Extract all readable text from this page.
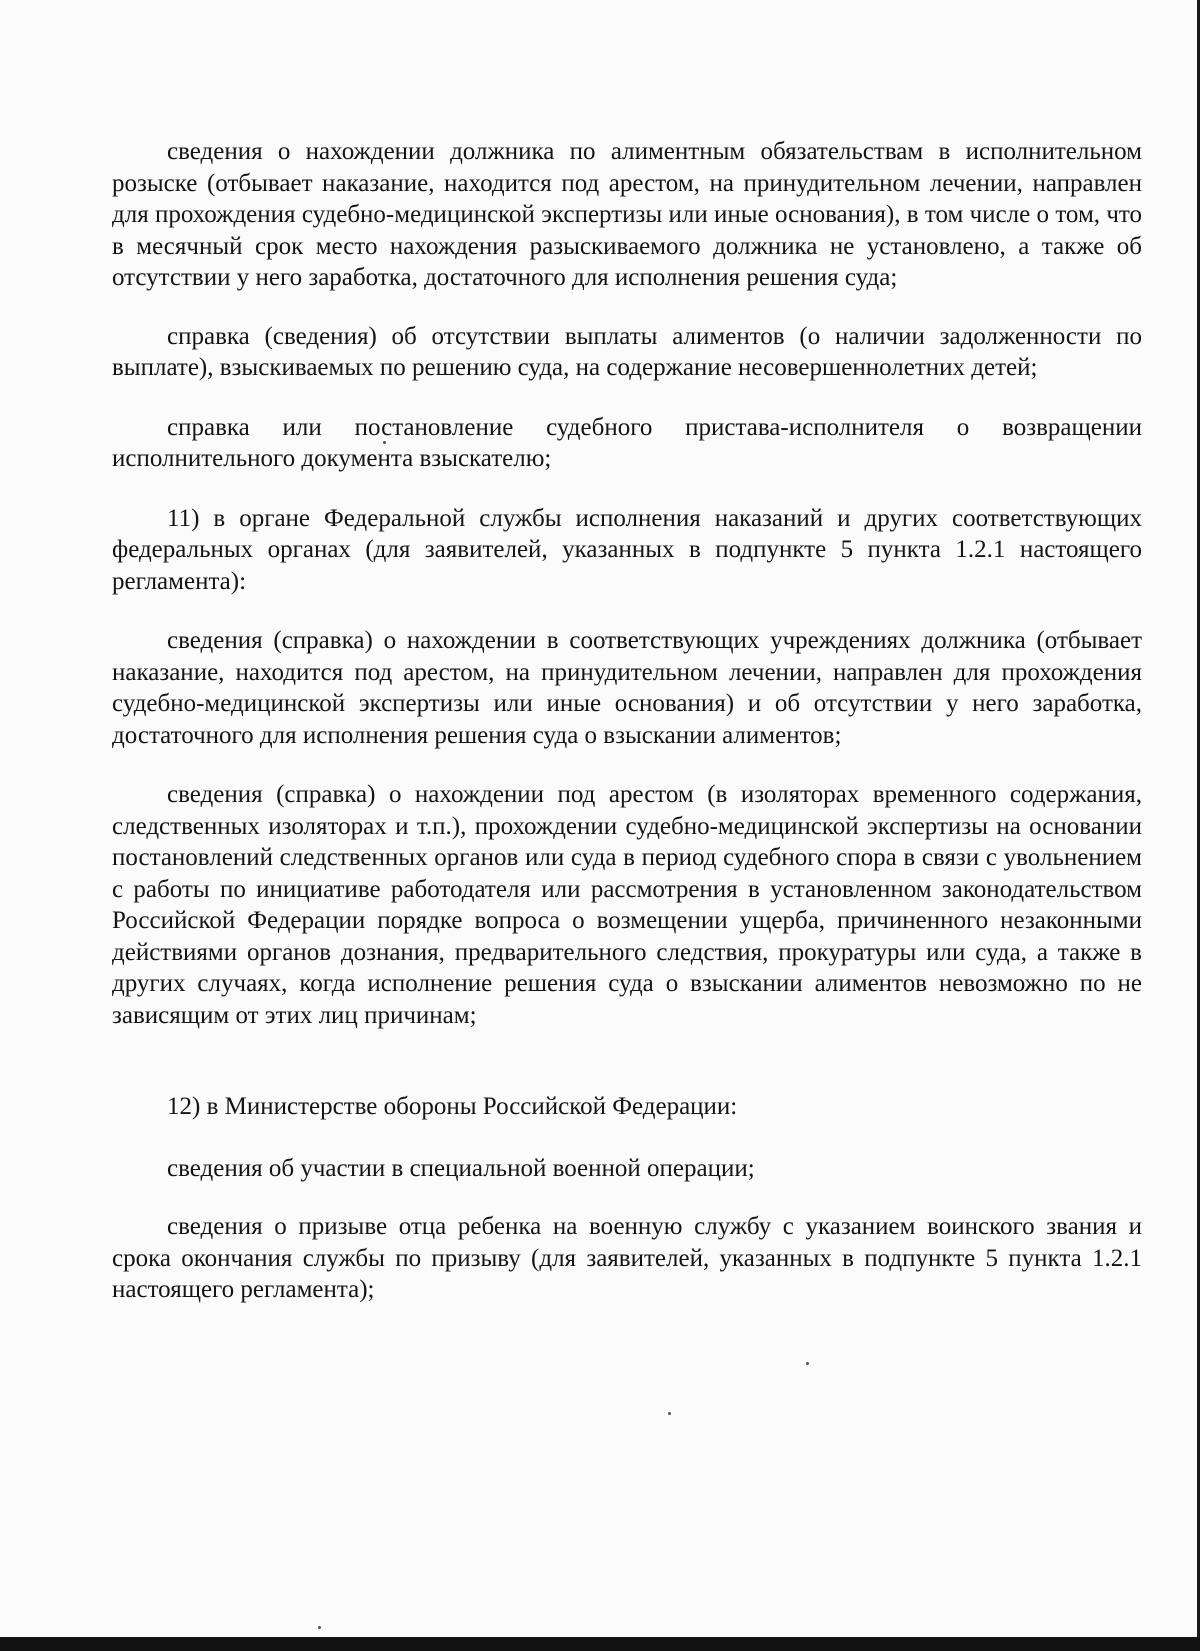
сведения о нахождении должника по алиментным обязательствам в исполнительном розыске (отбывает наказание, находится под арестом, на принудительном лечении, направлен для прохождения судебно-медицинской экспертизы или иные основания), в том числе о том, что в месячный срок место нахождения разыскиваемого должника не установлено, а также об отсутствии у него заработка, достаточного для исполнения решения суда;

справка (сведения) об отсутствии выплаты алиментов (о наличии задолженности по выплате), взыскиваемых по решению суда, на содержание несовершеннолетних детей;

справка или постановление судебного пристава-исполнителя о возвращении исполнительного документа взыскателю;

11) в органе Федеральной службы исполнения наказаний и других соответствующих федеральных органах (для заявителей, указанных в подпункте 5 пункта 1.2.1 настоящего регламента):

сведения (справка) о нахождении в соответствующих учреждениях должника (отбывает наказание, находится под арестом, на принудительном лечении, направлен для прохождения судебно-медицинской экспертизы или иные основания) и об отсутствии у него заработка, достаточного для исполнения решения суда о взыскании алиментов;

сведения (справка) о нахождении под арестом (в изоляторах временного содержания, следственных изоляторах и т.п.), прохождении судебно-медицинской экспертизы на основании постановлений следственных органов или суда в период судебного спора в связи с увольнением с работы по инициативе работодателя или рассмотрения в установленном законодательством Российской Федерации порядке вопроса о возмещении ущерба, причиненного незаконными действиями органов дознания, предварительного следствия, прокуратуры или суда, а также в других случаях, когда исполнение решения суда о взыскании алиментов невозможно по не зависящим от этих лиц причинам;

12) в Министерстве обороны Российской Федерации:

сведения об участии в специальной военной операции;

сведения о призыве отца ребенка на военную службу с указанием воинского звания и срока окончания службы по призыву (для заявителей, указанных в подпункте 5 пункта 1.2.1 настоящего регламента);
